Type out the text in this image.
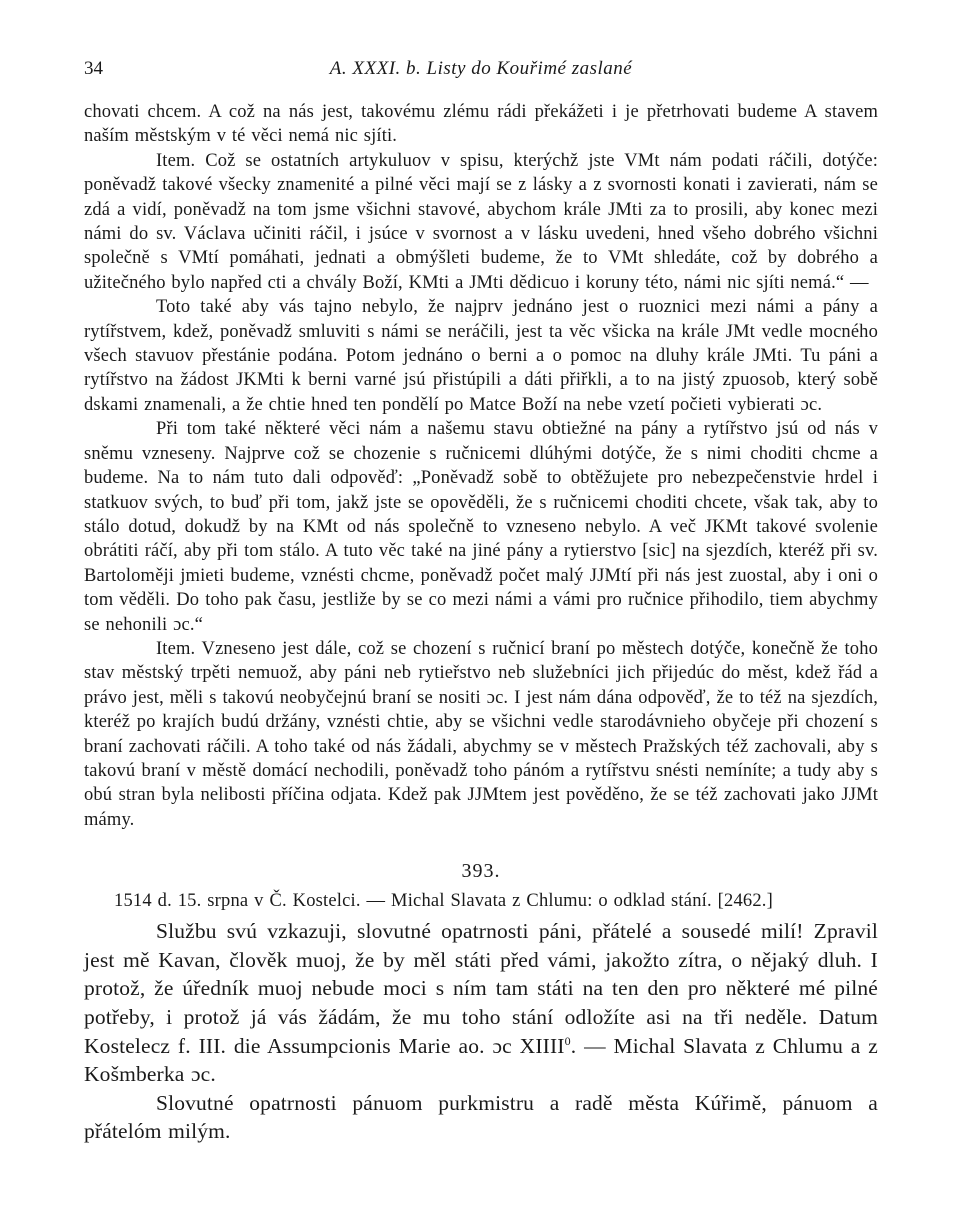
34	A. XXXI. b. Listy do Kouřimé zaslané

chovati chcem. A což na nás jest, takovému zlému rádi překážeti i je přetrhovati budeme A stavem naším městským v té věci nemá nic sjíti.

Item. Což se ostatních artykuluov v spisu, kterýchž jste VMt nám podati ráčili, dotýče: poněvadž takové všecky znamenité a pilné věci mají se z lásky a z svornosti konati i zavierati, nám se zdá a vidí, poněvadž na tom jsme všichni stavové, abychom krále JMti za to prosili, aby konec mezi námi do sv. Václava učiniti ráčil, i jsúce v svornost a v lásku uvedeni, hned všeho dobrého všichni společně s VMtí pomáhati, jednati a obmýšleti budeme, že to VMt shledáte, což by dobrého a užitečného bylo napřed cti a chvály Boží, KMti a JMti dědicuo i koruny této, námi nic sjíti nemá.“ —

Toto také aby vás tajno nebylo, že najprv jednáno jest o ruoznici mezi námi a pány a rytířstvem, kdež, poněvadž smluviti s námi se neráčili, jest ta věc všicka na krále JMt vedle mocného všech stavuov přestánie podána. Potom jednáno o berni a o pomoc na dluhy krále JMti. Tu páni a rytířstvo na žádost JKMti k berni varné jsú přistúpili a dáti přiřkli, a to na jistý zpuosob, který sobě dskami znamenali, a že chtie hned ten pondělí po Matce Boží na nebe vzetí počieti vybierati ɔc.

Při tom také některé věci nám a našemu stavu obtiežné na pány a rytířstvo jsú od nás v sněmu vzneseny. Najprve což se chozenie s ručnicemi dlúhými dotýče, že s nimi choditi chcme a budeme. Na to nám tuto dali odpověď: „Poněvadž sobě to obtěžujete pro nebezpečenstvie hrdel i statkuov svých, to buď při tom, jakž jste se opověděli, že s ručnicemi choditi chcete, však tak, aby to stálo dotud, dokudž by na KMt od nás společně to vzneseno nebylo. A več JKMt takové svolenie obrátiti ráčí, aby při tom stálo. A tuto věc také na jiné pány a rytierstvo [sic] na sjezdích, kteréž při sv. Bartoloměji jmieti budeme, vznésti chcme, poněvadž počet malý JJMtí při nás jest zuostal, aby i oni o tom věděli. Do toho pak času, jestliže by se co mezi námi a vámi pro ručnice přihodilo, tiem abychmy se nehonili ɔc.“

Item. Vzneseno jest dále, což se chození s ručnicí braní po městech dotýče, konečně že toho stav městský trpěti nemuož, aby páni neb rytieřstvo neb služebníci jich přijedúc do měst, kdež řád a právo jest, měli s takovú neobyčejnú braní se nositi ɔc. I jest nám dána odpověď, že to též na sjezdích, kteréž po krajích budú držány, vznésti chtie, aby se všichni vedle starodávnieho obyčeje při chození s braní zachovati ráčili. A toho také od nás žádali, abychmy se v městech Pražských též zachovali, aby s takovú braní v městě domácí nechodili, poněvadž toho pánóm a rytířstvu snésti nemíníte; a tudy aby s obú stran byla nelibosti příčina odjata. Kdež pak JJMtem jest pověděno, že se též zachovati jako JJMt mámy.

393.
1514 d. 15. srpna v Č. Kostelci. — Michal Slavata z Chlumu: o odklad stání. [2462.]

Službu svú vzkazuji, slovutné opatrnosti páni, přátelé a sousedé milí! Zpravil jest mě Kavan, člověk muoj, že by měl státi před vámi, jakožto zítra, o nějaký dluh. I protož, že úředník muoj nebude moci s ním tam státi na ten den pro některé mé pilné potřeby, i protož já vás žádám, že mu toho stání odložíte asi na tři neděle. Datum Kostelecz f. III. die Assumpcionis Marie ao. ɔc XIIII$^0$. — Michal Slavata z Chlumu a z Košmberka ɔc.

Slovutné opatrnosti pánuom purkmistru a radě města Kúřimě, pánuom a přátelóm milým.
